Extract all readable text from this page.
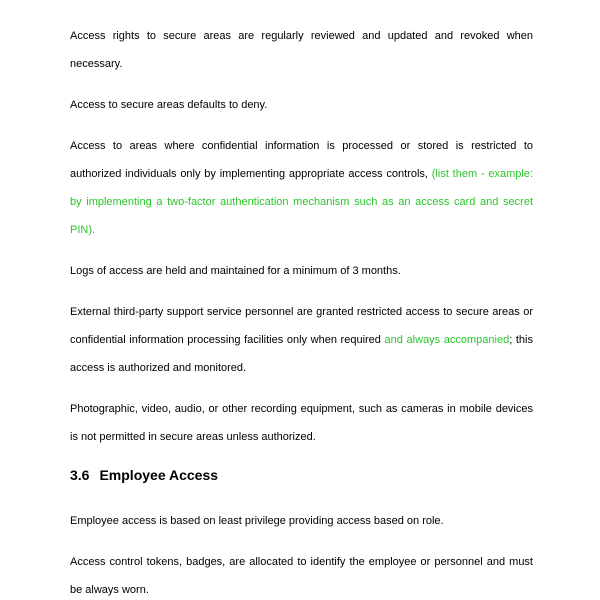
Access rights to secure areas are regularly reviewed and updated and revoked when necessary.

Access to secure areas defaults to deny.

Access to areas where confidential information is processed or stored is restricted to authorized individuals only by implementing appropriate access controls, (list them - example: by implementing a two-factor authentication mechanism such as an access card and secret PIN).

Logs of access are held and maintained for a minimum of 3 months.

External third-party support service personnel are granted restricted access to secure areas or confidential information processing facilities only when required and always accompanied; this access is authorized and monitored.

Photographic, video, audio, or other recording equipment, such as cameras in mobile devices is not permitted in secure areas unless authorized.

3.6 Employee Access

Employee access is based on least privilege providing access based on role.

Access control tokens, badges, are allocated to identify the employee or personnel and must be always worn.
